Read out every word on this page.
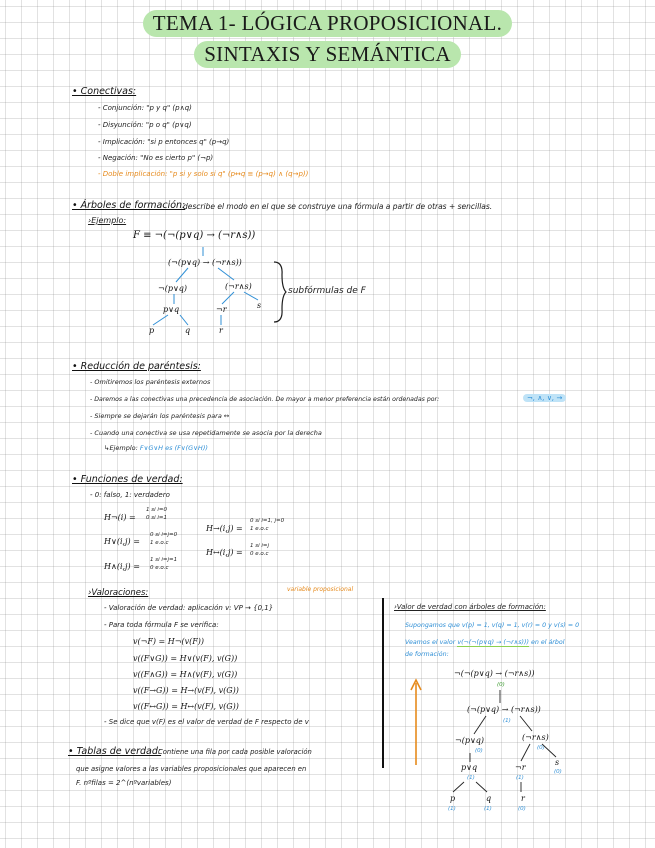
TEMA 1- LÓGICA PROPOSICIONAL.
SINTAXIS Y SEMÁNTICA
• Conectivas:
- Conjunción: "p y q" (p∧q)
- Disyunción: "p o q" (p∨q)
- Implicación: "si p entonces q" (p→q)
- Negación: "No es cierto p" (¬p)
- Doble implicación: "p si y solo si q" (p↔q ≡ (p→q) ∧ (q→p))
• Árboles de formación:
describe el modo en el que se construye una fórmula a partir de otras + sencillas.
›Ejemplo:
F ≡ ¬(¬(p∨q) → (¬r∧s))
(¬(p∨q) → (¬r∧s))
¬(p∨q)	(¬r∧s)
p∨q	¬r	s
p	q	r
subfórmulas de F
• Reducción de paréntesis:
- Omitiremos los paréntesis externos
- Daremos a las conectivas una precedencia de asociación. De mayor a menor preferencia están ordenadas por:	¬, ∧, ∨, →
- Siempre se dejarán los paréntesis para ↔
- Cuando una conectiva se usa repetidamente se asocia por la derecha
↳Ejemplo: F∨G∨H es (F∨(G∨H))
• Funciones de verdad:
- 0: falso, 1: verdadero
H¬(i) =
1 si i=0
0 si i=1
H∨(i,j) =
0 si i=j=0
1 e.o.c
H∧(i,j) =
1 si i=j=1
0 e.o.c
H→(i,j) =
0 si i=1, j=0
1 e.o.c
H↔(i,j) =
1 si i=j
0 e.o.c
›Valoraciones:	variable proposicional
- Valoración de verdad: aplicación v: VP → {0,1}
- Para toda fórmula F se verifica:
v(¬F) = H¬(v(F))
v((F∨G)) = H∨(v(F), v(G))
v((F∧G)) = H∧(v(F), v(G))
v((F→G)) = H→(v(F), v(G))
v((F↔G)) = H↔(v(F), v(G))
- Se dice que v(F) es el valor de verdad de F respecto de v
• Tablas de verdad:
Contiene una fila por cada posible valoración
que asigne valores a las variables proposicionales que aparecen en
F. nºfilas = 2^(nºvariables)
›Valor de verdad con árboles de formación:
Supongamos que v(p) = 1, v(q) = 1, v(r) = 0 y v(s) = 0
Veamos el valor v(¬(¬(p∨q) → (¬r∧s))) en el árbol
de formación:
¬(¬(p∨q) → (¬r∧s))
(0)
(¬(p∨q) → (¬r∧s))
(1)
¬(p∨q)
(0)
(¬r∧s)
(0)
p∨q
(1)
¬r
(1)
s
(0)
p
(1)
q
(1)
r
(0)
